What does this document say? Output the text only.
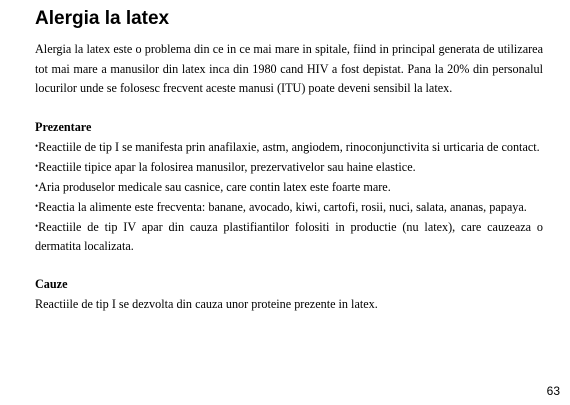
Alergia la latex

Alergia la latex este o problema din ce in ce mai mare in spitale, fiind in principal generata de utilizarea tot mai mare a manusilor din latex inca din 1980 cand HIV a fost depistat. Pana la 20% din personalul locurilor unde se folosesc frecvent aceste manusi (ITU) poate deveni sensibil la latex.

Prezentare

•Reactiile de tip I se manifesta prin anafilaxie, astm, angiodem, rinoconjunctivita si urticaria de contact.
•Reactiile tipice apar la folosirea manusilor, prezervativelor sau haine elastice.
•Aria produselor medicale sau casnice, care contin latex este foarte mare.
•Reactia la alimente este frecventa: banane, avocado, kiwi, cartofi, rosii, nuci, salata, ananas, papaya.
•Reactiile de tip IV apar din cauza plastifiantilor folositi in productie (nu latex), care cauzeaza o dermatita localizata.

Cauze

Reactiile de tip I se dezvolta din cauza unor proteine prezente in latex.

63
